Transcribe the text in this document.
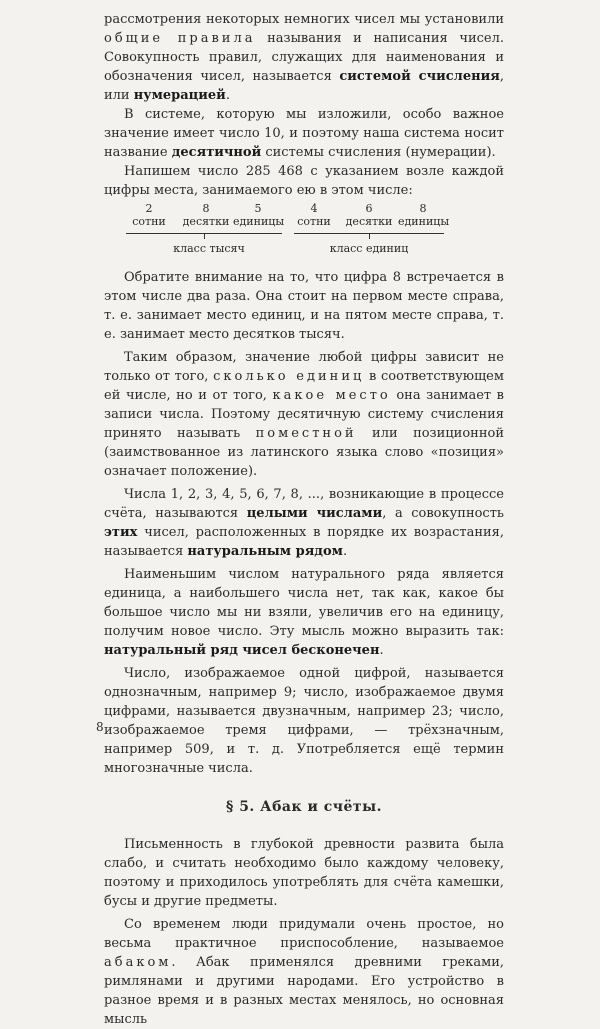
рассмотрения некоторых немногих чисел мы установили общие правила называния и написания чисел. Совокупность правил, служащих для наименования и обозначения чисел, называется системой счисления, или нумерацией.

В системе, которую мы изложили, особо важное значение имеет число 10, и поэтому наша система носит название десятичной системы счисления (нумерации).

Напишем число 285 468 с указанием возле каждой цифры места, занимаемого ею в этом числе:

2
сотни
8
десятки
5
единицы
4
сотни
6
десятки
8
единицы
класс тысяч	класс единиц

Обратите внимание на то, что цифра 8 встречается в этом числе два раза. Она стоит на первом месте справа, т. е. занимает место единиц, и на пятом месте справа, т. е. занимает место десятков тысяч.

Таким образом, значение любой цифры зависит не только от того, сколько единиц в соответствующем ей числе, но и от того, какое место она занимает в записи числа. Поэтому десятичную систему счисления принято называть поместной или позиционной (заимствованное из латинского языка слово «позиция» означает положение).

Числа 1, 2, 3, 4, 5, 6, 7, 8, ..., возникающие в процессе счёта, называются целыми числами, а совокупность этих чисел, расположенных в порядке их возрастания, называется натуральным рядом.

Наименьшим числом натурального ряда является единица, а наибольшего числа нет, так как, какое бы большое число мы ни взяли, увеличив его на единицу, получим новое число. Эту мысль можно выразить так: натуральный ряд чисел бесконечен.

Число, изображаемое одной цифрой, называется однозначным, например 9; число, изображаемое двумя цифрами, называется двузначным, например 23; число, изображаемое тремя цифрами, — трёхзначным, например 509, и т. д. Употребляется ещё термин многозначные числа.

§ 5. Абак и счёты.

Письменность в глубокой древности развита была слабо, и считать необходимо было каждому человеку, поэтому и приходилось употреблять для счёта камешки, бусы и другие предметы.

Со временем люди придумали очень простое, но весьма практичное приспособление, называемое абаком. Абак применялся древними греками, римлянами и другими народами. Его устройство в разное время и в разных местах менялось, но основная мысль

8
